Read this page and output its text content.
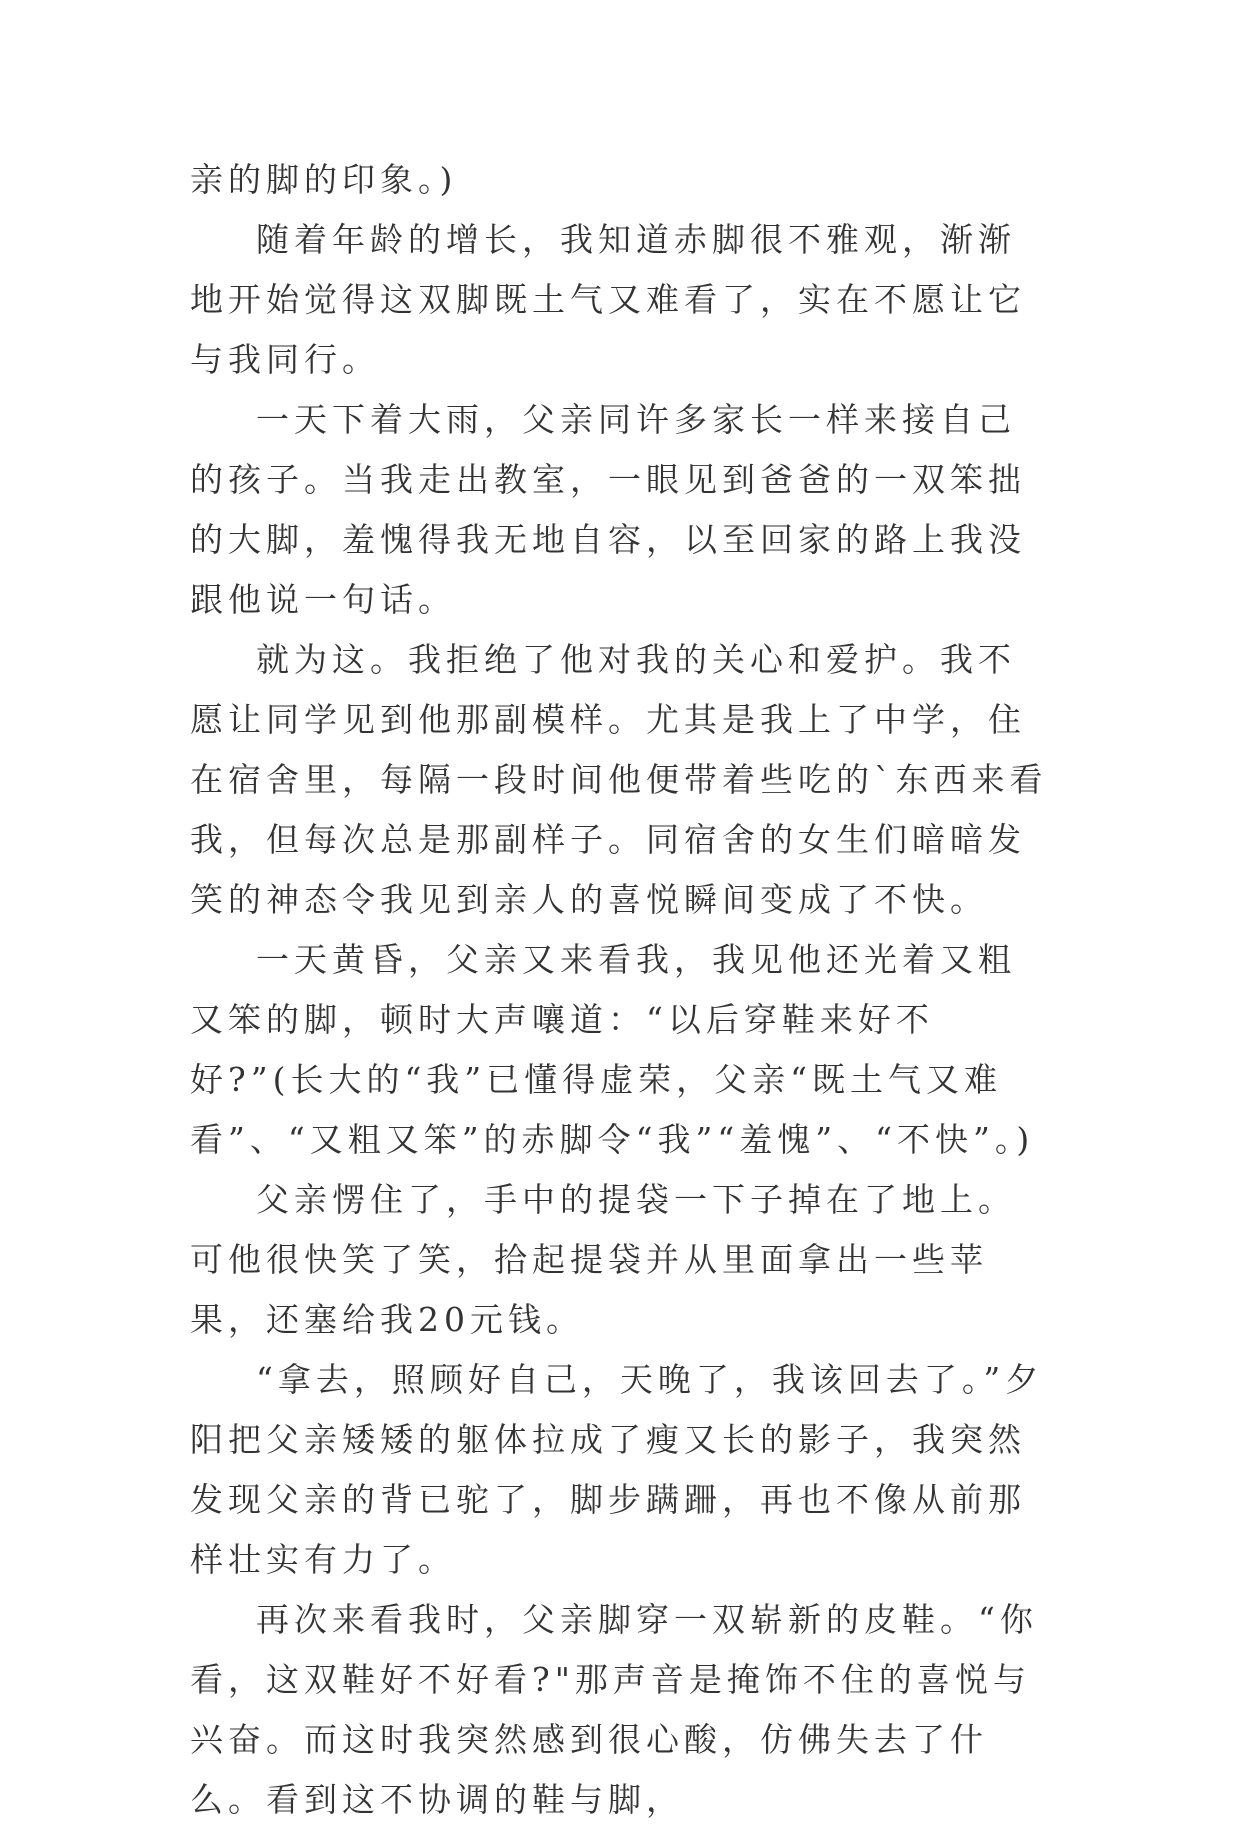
亲的脚的印象。)

随着年龄的增长，我知道赤脚很不雅观，渐渐地开始觉得这双脚既土气又难看了，实在不愿让它与我同行。

一天下着大雨，父亲同许多家长一样来接自己的孩子。当我走出教室，一眼见到爸爸的一双笨拙的大脚，羞愧得我无地自容，以至回家的路上我没跟他说一句话。

就为这。我拒绝了他对我的关心和爱护。我不愿让同学见到他那副模样。尤其是我上了中学，住在宿舍里，每隔一段时间他便带着些吃的`东西来看我，但每次总是那副样子。同宿舍的女生们暗暗发笑的神态令我见到亲人的喜悦瞬间变成了不快。

一天黄昏，父亲又来看我，我见他还光着又粗又笨的脚，顿时大声嚷道：“以后穿鞋来好不好?”(长大的“我”已懂得虚荣，父亲“既土气又难看”、“又粗又笨”的赤脚令“我”“羞愧”、“不快”。)

父亲愣住了，手中的提袋一下子掉在了地上。可他很快笑了笑，拾起提袋并从里面拿出一些苹果，还塞给我20元钱。

“拿去，照顾好自己，天晚了，我该回去了。”夕阳把父亲矮矮的躯体拉成了瘦又长的影子，我突然发现父亲的背已驼了，脚步蹒跚，再也不像从前那样壮实有力了。

再次来看我时，父亲脚穿一双崭新的皮鞋。“你看，这双鞋好不好看?"那声音是掩饰不住的喜悦与兴奋。而这时我突然感到很心酸，仿佛失去了什么。看到这不协调的鞋与脚，
